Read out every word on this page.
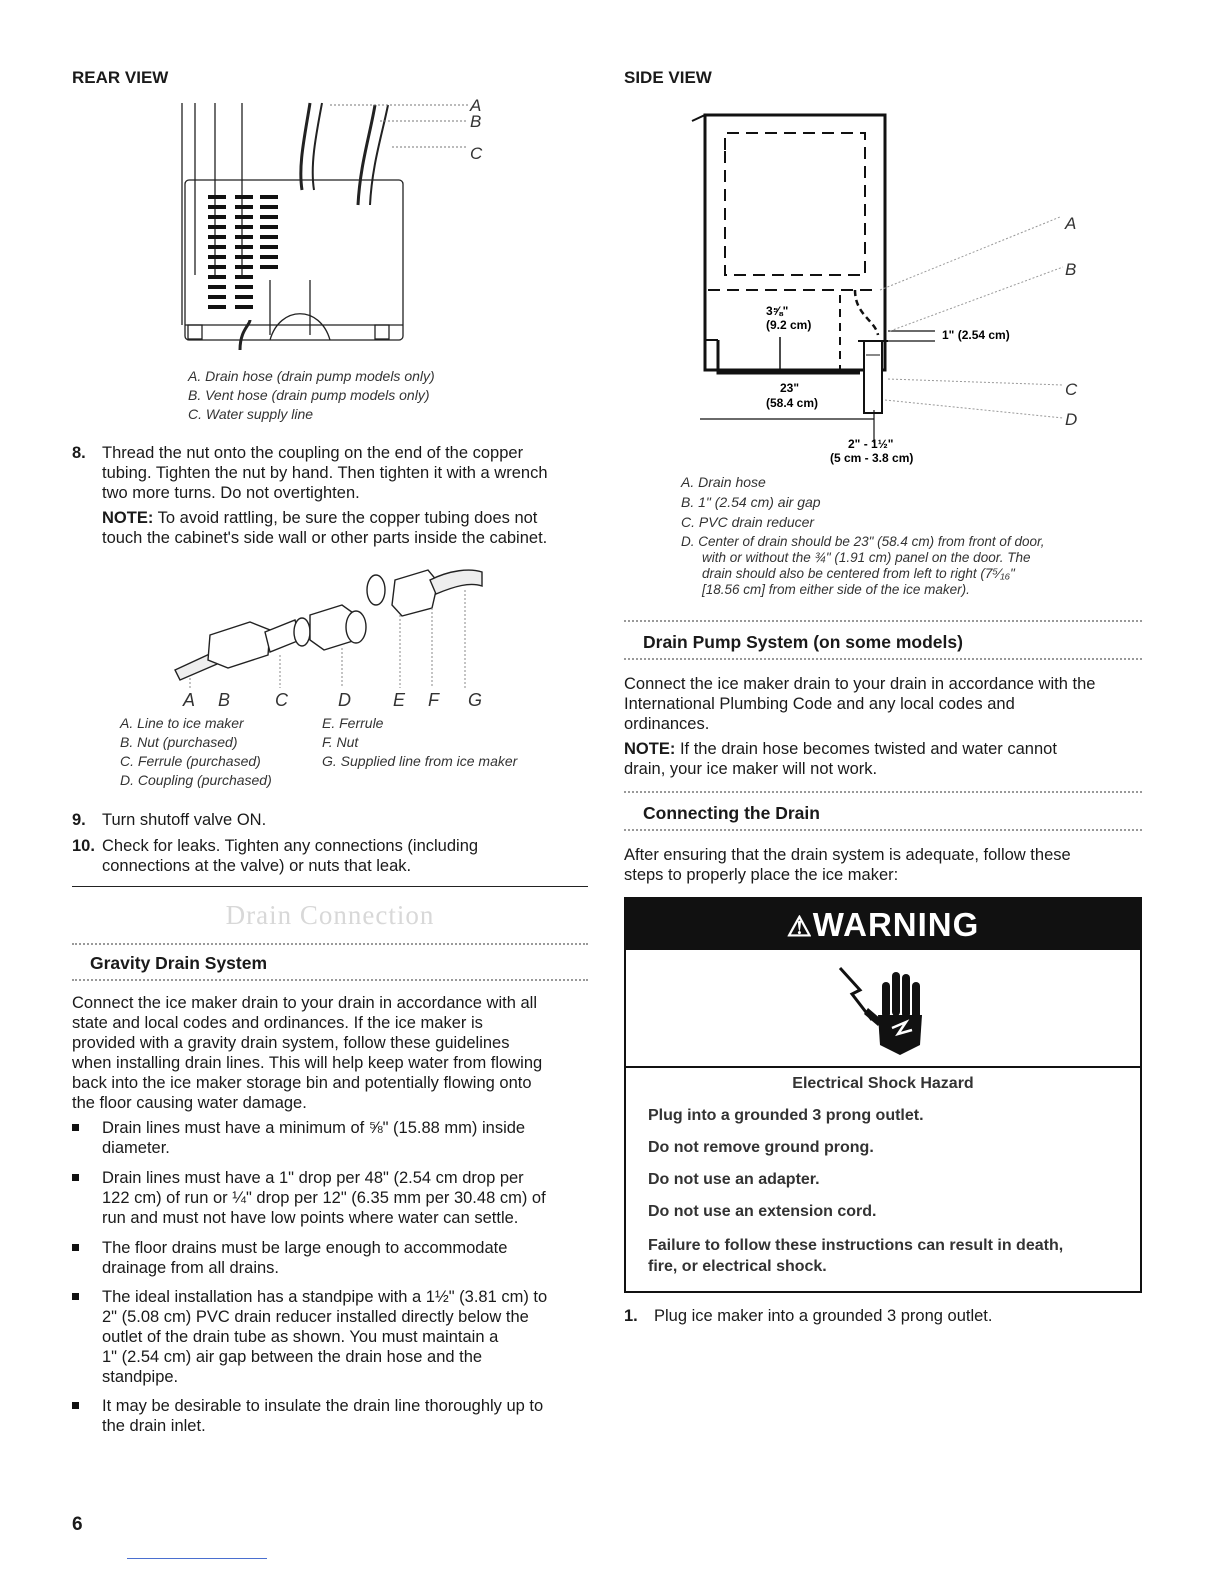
REAR VIEW
A
B
C
A. Drain hose (drain pump models only)
B. Vent hose (drain pump models only)
C. Water supply line
8. Thread the nut onto the coupling on the end of the copper
tubing. Tighten the nut by hand. Then tighten it with a wrench
two more turns. Do not overtighten.
NOTE: To avoid rattling, be sure the copper tubing does not
touch the cabinet's side wall or other parts inside the cabinet.
A B C	D E F G
A. Line to ice maker
B. Nut (purchased)
C. Ferrule (purchased)
D. Coupling (purchased)
E. Ferrule
F. Nut
G. Supplied line from ice maker
9. Turn shutoff valve ON.
10. Check for leaks. Tighten any connections (including
connections at the valve) or nuts that leak.
Drain Connection
Gravity Drain System
Connect the ice maker drain to your drain in accordance with all
state and local codes and ordinances. If the ice maker is
provided with a gravity drain system, follow these guidelines
when installing drain lines. This will help keep water from flowing
back into the ice maker storage bin and potentially flowing onto
the floor causing water damage.
Drain lines must have a minimum of ⅝" (15.88 mm) inside
diameter.
Drain lines must have a 1" drop per 48" (2.54 cm drop per
122 cm) of run or ¼" drop per 12" (6.35 mm per 30.48 cm) of
run and must not have low points where water can settle.
The floor drains must be large enough to accommodate
drainage from all drains.
The ideal installation has a standpipe with a 1½" (3.81 cm) to
2" (5.08 cm) PVC drain reducer installed directly below the
outlet of the drain tube as shown. You must maintain a
1" (2.54 cm) air gap between the drain hose and the
standpipe.
It may be desirable to insulate the drain line thoroughly up to
the drain inlet.
6
SIDE VIEW
A
B
C
D
3⅝"
(9.2 cm)
1" (2.54 cm)
23"
(58.4 cm)
2" - 1½"
(5 cm - 3.8 cm)
A. Drain hose
B. 1" (2.54 cm) air gap
C. PVC drain reducer
D. Center of drain should be 23" (58.4 cm) from front of door,
with or without the ¾" (1.91 cm) panel on the door. The
drain should also be centered from left to right (7⁵⁄₁₆"
[18.56 cm] from either side of the ice maker).
Drain Pump System (on some models)
Connect the ice maker drain to your drain in accordance with the
International Plumbing Code and any local codes and
ordinances.
NOTE: If the drain hose becomes twisted and water cannot
drain, your ice maker will not work.
Connecting the Drain
After ensuring that the drain system is adequate, follow these
steps to properly place the ice maker:
⚠WARNING
Electrical Shock Hazard
Plug into a grounded 3 prong outlet.
Do not remove ground prong.
Do not use an adapter.
Do not use an extension cord.
Failure to follow these instructions can result in death,
fire, or electrical shock.
1. Plug ice maker into a grounded 3 prong outlet.
